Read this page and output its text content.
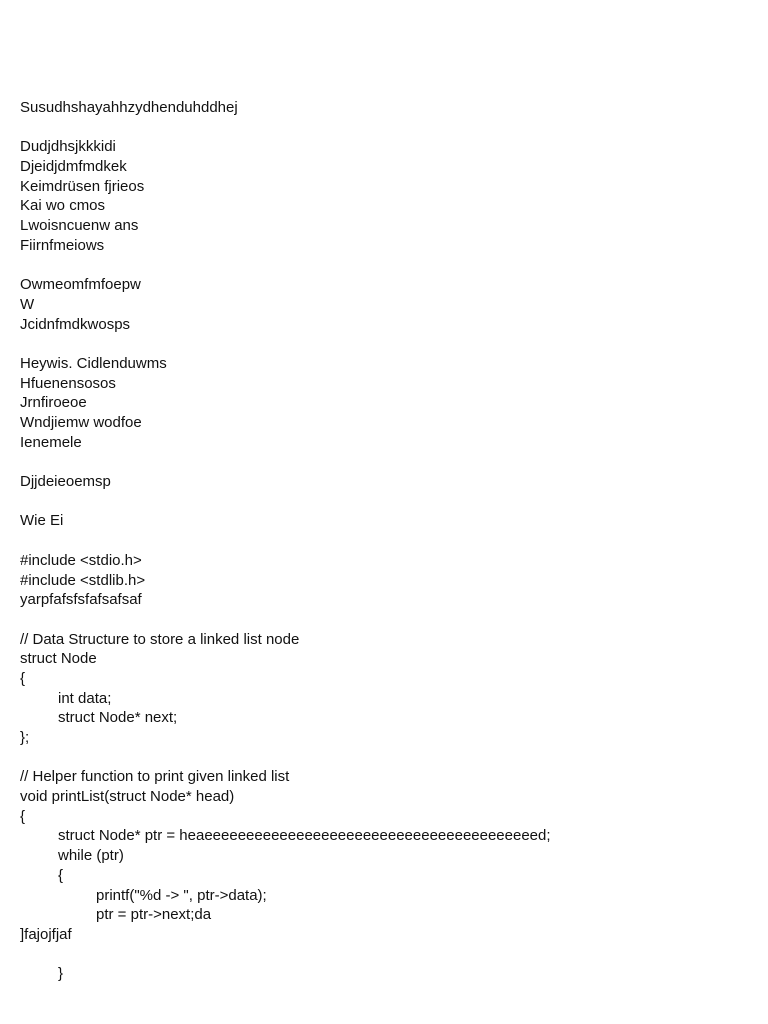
Susudhshayahhzydhenduhddhej
Dudjdhsjkkkidi
Djeidjdmfmdkek
Keimdrüsen fjrieos
Kai wo cmos
Lwoisncuenw ans
Fiirnfmeiows
Owmeomfmfoepw
W
Jcidnfmdkwosps
Heywis. Cidlenduwms
Hfuenensosos
Jrnfiroeoe
Wndjiemw wodfoe
Ienemele
Djjdeieoemsp
Wie Ei
#include <stdio.h>
#include <stdlib.h>
yarpfafsfsfafsafsaf
// Data Structure to store a linked list node
struct Node
{
int data;
struct Node* next;
};
// Helper function to print given linked list
void printList(struct Node* head)
{
struct Node* ptr = heaeeeeeeeeeeeeeeeeeeeeeeeeeeeeeeeeeeeeeeeed;
while (ptr)
{
printf("%d -> ", ptr->data);
ptr = ptr->next;da
]fajojfjaf
}
